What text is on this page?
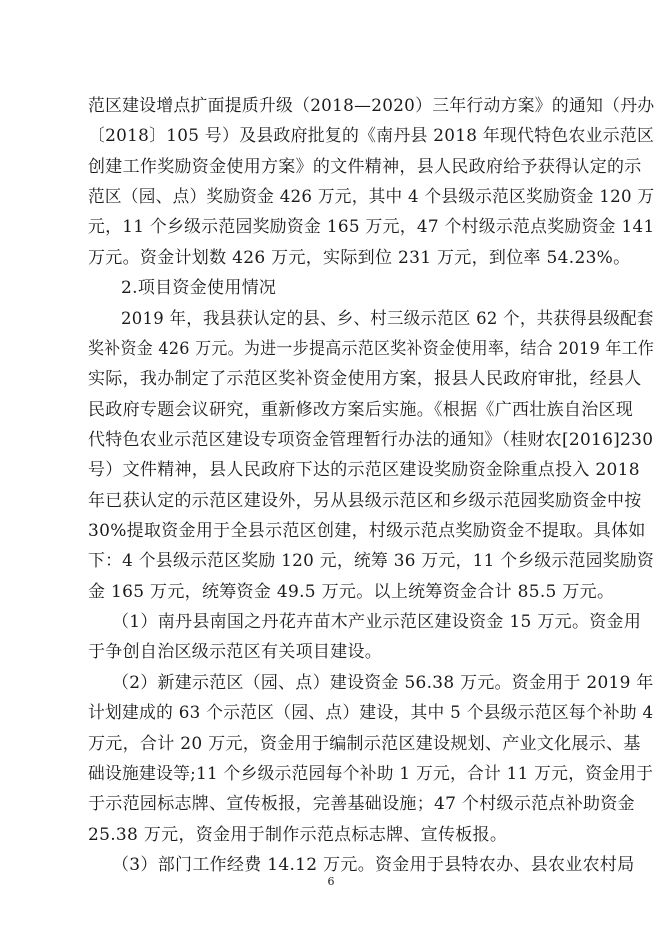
范区建设增点扩面提质升级（2018—2020）三年行动方案》的通知（丹办
〔2018〕105 号）及县政府批复的《南丹县 2018 年现代特色农业示范区
创建工作奖励资金使用方案》的文件精神，县人民政府给予获得认定的示
范区（园、点）奖励资金 426 万元，其中 4 个县级示范区奖励资金 120 万
元，11 个乡级示范园奖励资金 165 万元，47 个村级示范点奖励资金 141
万元。资金计划数 426 万元，实际到位 231 万元，到位率 54.23%。
2.项目资金使用情况
2019 年，我县获认定的县、乡、村三级示范区 62 个，共获得县级配套
奖补资金 426 万元。为进一步提高示范区奖补资金使用率，结合 2019 年工作
实际，我办制定了示范区奖补资金使用方案，报县人民政府审批，经县人
民政府专题会议研究，重新修改方案后实施。《根据《广西壮族自治区现
代特色农业示范区建设专项资金管理暂行办法的通知》（桂财农[2016]230
号）文件精神，县人民政府下达的示范区建设奖励资金除重点投入 2018
年已获认定的示范区建设外，另从县级示范区和乡级示范园奖励资金中按
30%提取资金用于全县示范区创建，村级示范点奖励资金不提取。具体如
下：4 个县级示范区奖励 120 元，统筹 36 万元，11 个乡级示范园奖励资
金 165 万元，统筹资金 49.5 万元。以上统筹资金合计 85.5 万元。
（1）南丹县南国之丹花卉苗木产业示范区建设资金 15 万元。资金用
于争创自治区级示范区有关项目建设。
（2）新建示范区（园、点）建设资金 56.38 万元。资金用于 2019 年
计划建成的 63 个示范区（园、点）建设，其中 5 个县级示范区每个补助 4
万元，合计 20 万元，资金用于编制示范区建设规划、产业文化展示、基
础设施建设等;11 个乡级示范园每个补助 1 万元，合计 11 万元，资金用于
于示范园标志牌、宣传板报，完善基础设施；47 个村级示范点补助资金
25.38 万元，资金用于制作示范点标志牌、宣传板报。
（3）部门工作经费 14.12 万元。资金用于县特农办、县农业农村局
6
